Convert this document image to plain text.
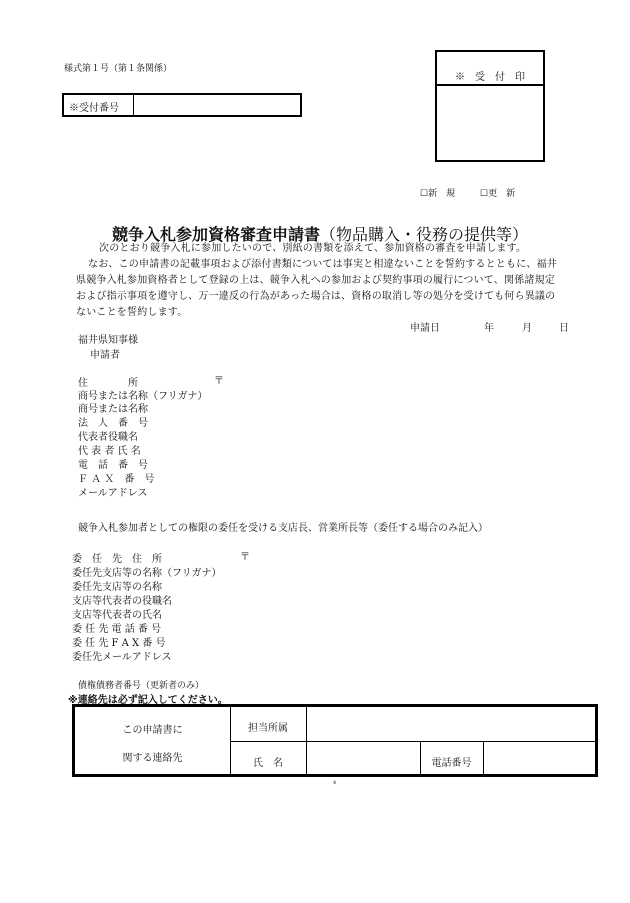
様式第１号（第１条関係）
※受付番号
※　受　付　印
☐新　規	☐更　新
競争入札参加資格審査申請書（物品購入・役務の提供等）
次のとおり競争入札に参加したいので、別紙の書類を添えて、参加資格の審査を申請します。
なお、この申請書の記載事項および添付書類については事実と相違ないことを誓約するとともに、福井県競争入札参加資格者として登録の上は、競争入札への参加および契約事項の履行について、関係諸規定および指示事項を遵守し、万一違反の行為があった場合は、資格の取消し等の処分を受けても何ら異議のないことを誓約します。
申請日	年	月	日
福井県知事様
申請者
住　　　　所	〒
商号または名称（フリガナ）
商号または名称
法　人　番　号
代表者役職名
代 表 者 氏 名
電　話　番　号
Ｆ Ａ Ｘ　番　号
メールアドレス
競争入札参加者としての権限の委任を受ける支店長、営業所長等（委任する場合のみ記入）
委　任　先　住　所	〒
委任先支店等の名称（フリガナ）
委任先支店等の名称
支店等代表者の役職名
支店等代表者の氏名
委 任 先 電 話 番 号
委 任 先 F A X 番 号
委任先メールアドレス
債権債務者番号（更新者のみ）
※連絡先は必ず記入してください。
この申請書に
関する連絡先
担当所属
氏　名	電話番号
4
